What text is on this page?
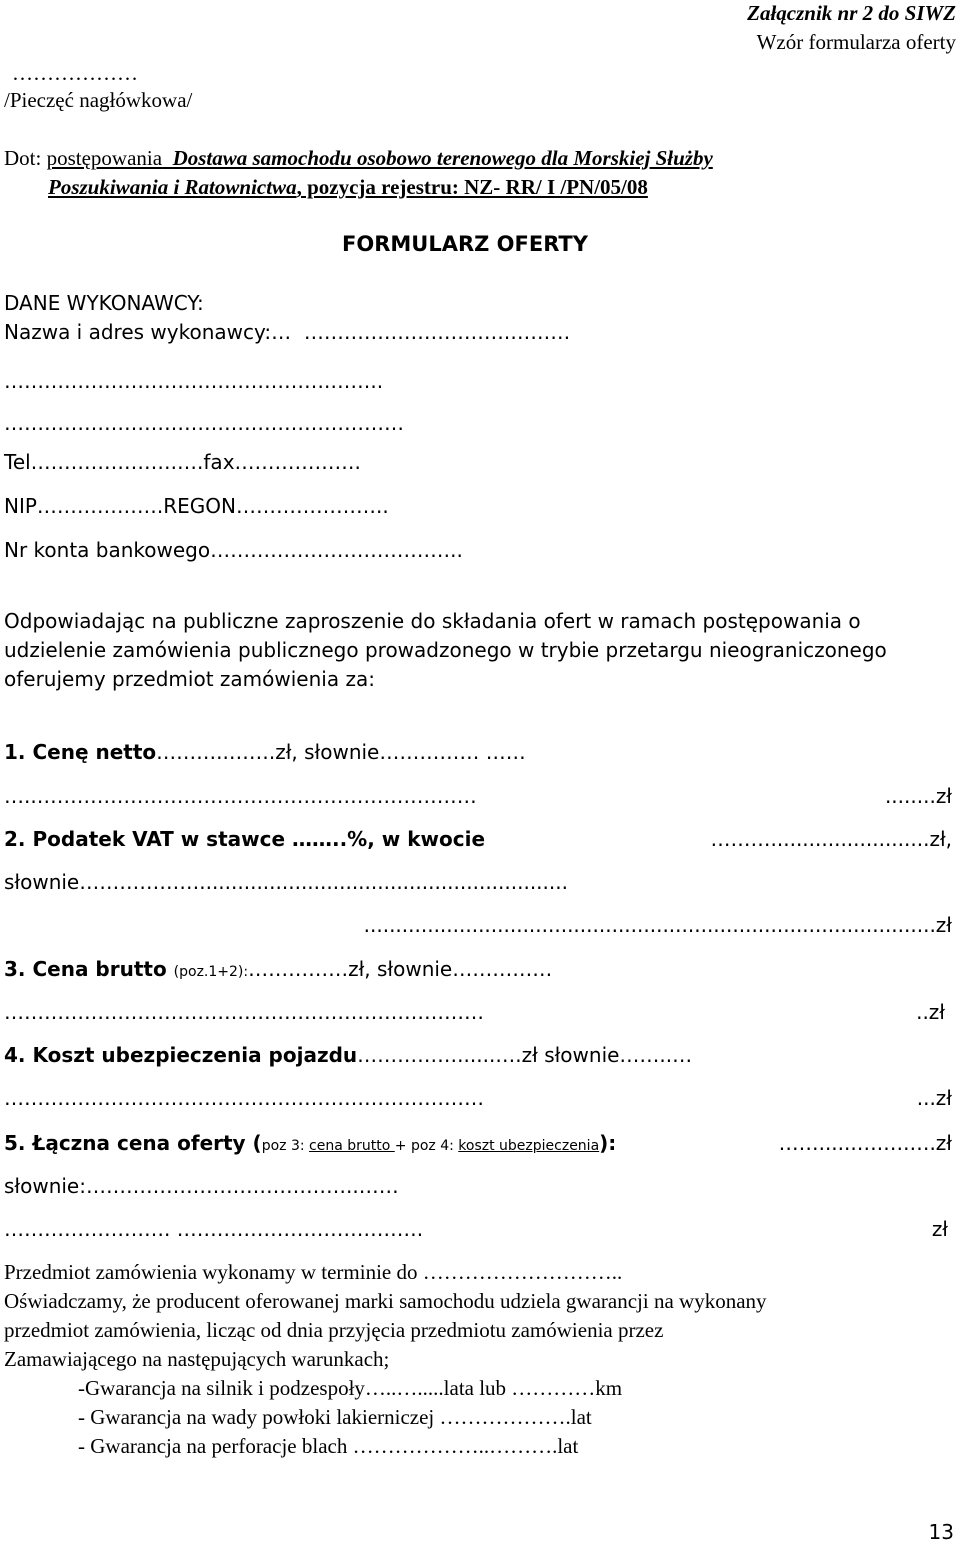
Załącznik nr 2 do SIWZ
Wzór formularza oferty
………………
/Pieczęć nagłówkowa/
Dot: postępowania Dostawa samochodu osobowo terenowego dla Morskiej Służby
Poszukiwania i Ratownictwa, pozycja rejestru: NZ- RR/ I /PN/05/08
FORMULARZ OFERTY
DANE WYKONAWCY:
Nazwa i adres wykonawcy:…  ………………………….………
………………………………………….……..
……………………………………………………
Tel………………….….fax……………….
NIP……………….REGON…………………..
Nr konta bankowego………………………………..
Odpowiadając na publiczne zaproszenie do składania ofert w ramach postępowania o
udzielenie zamówienia publicznego prowadzonego w trybie przetargu nieograniczonego
oferujemy przedmiot zamówienia za:
1. Cenę netto………..…….zł, słownie…………… ……
…..…………………………………………………………	........zł
2. Podatek VAT w stawce ……..%, w kwocie	……….........................zł,
słownie………………..........................................................
..........................................................................................zł
3. Cena brutto (poz.1+2):……………zł, słownie……………
………………………………………………………………	..zł
4. Koszt ubezpieczenia pojazdu……………......….zł słownie……..…
………………………………………………………………	...zł
5. Łączna cena oferty (poz 3: cena brutto + poz 4: koszt ubezpieczenia):	……......….….….zł
słownie:…………………………………..……
……………………. ……………………………….	zł
Przedmiot zamówienia wykonamy w terminie do ………………………..
Oświadczamy, że producent oferowanej marki samochodu udziela gwarancji na wykonany
przedmiot zamówienia, licząc od dnia przyjęcia przedmiotu zamówienia przez
Zamawiającego na następujących warunkach;
-Gwarancja na silnik i podzespoły…..….....lata lub …………km
- Gwarancja na wady powłoki lakierniczej ……………….lat
- Gwarancja na perforacje blach ………………..……….lat
13
